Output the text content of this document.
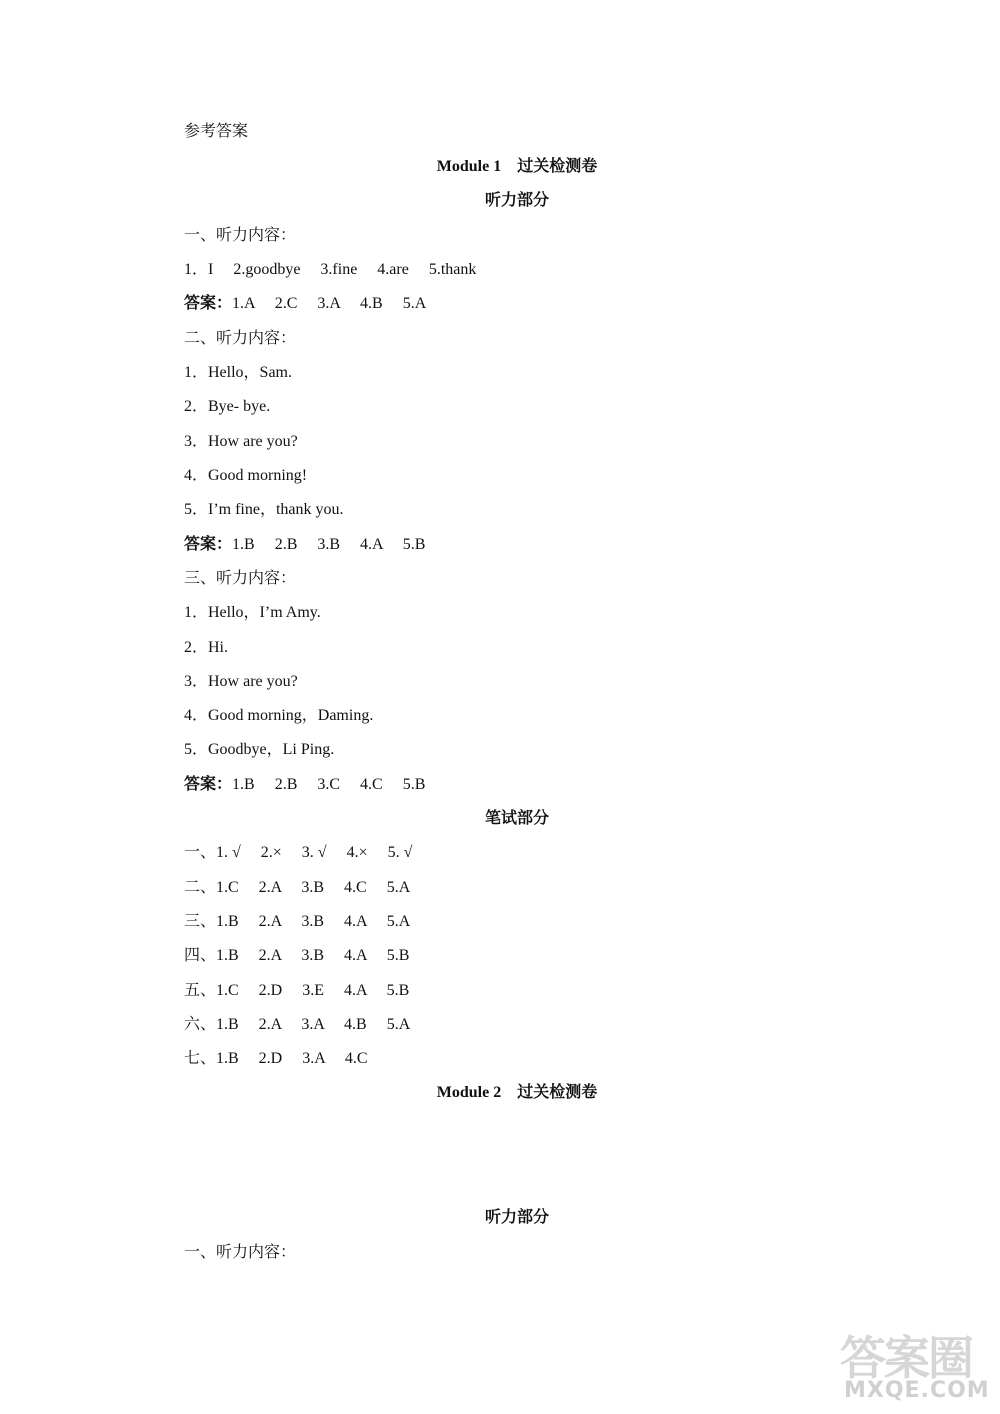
参考答案
Module 1　过关检测卷
听力部分
一、听力内容：
1．I　 2.goodbye　 3.fine　 4.are　 5.thank
答案：1.A　 2.C　 3.A　 4.B　 5.A
二、听力内容：
1．Hello，Sam.
2．Bye- bye.
3．How are you?
4．Good morning!
5．I’m fine，thank you.
答案：1.B　 2.B　 3.B　 4.A　 5.B
三、听力内容：
1．Hello，I’m Amy.
2．Hi.
3．How are you?
4．Good morning，Daming.
5．Goodbye，Li Ping.
答案：1.B　 2.B　 3.C　 4.C　 5.B
笔试部分
一、1. √　 2.×　 3. √　 4.×　 5. √
二、1.C　 2.A　 3.B　 4.C　 5.A
三、1.B　 2.A　 3.B　 4.A　 5.A
四、1.B　 2.A　 3.B　 4.A　 5.B
五、1.C　 2.D　 3.E　 4.A　 5.B
六、1.B　 2.A　 3.A　 4.B　 5.A
七、1.B　 2.D　 3.A　 4.C
Module 2　过关检测卷
听力部分
一、听力内容：
答案圈
MXQE.COM
